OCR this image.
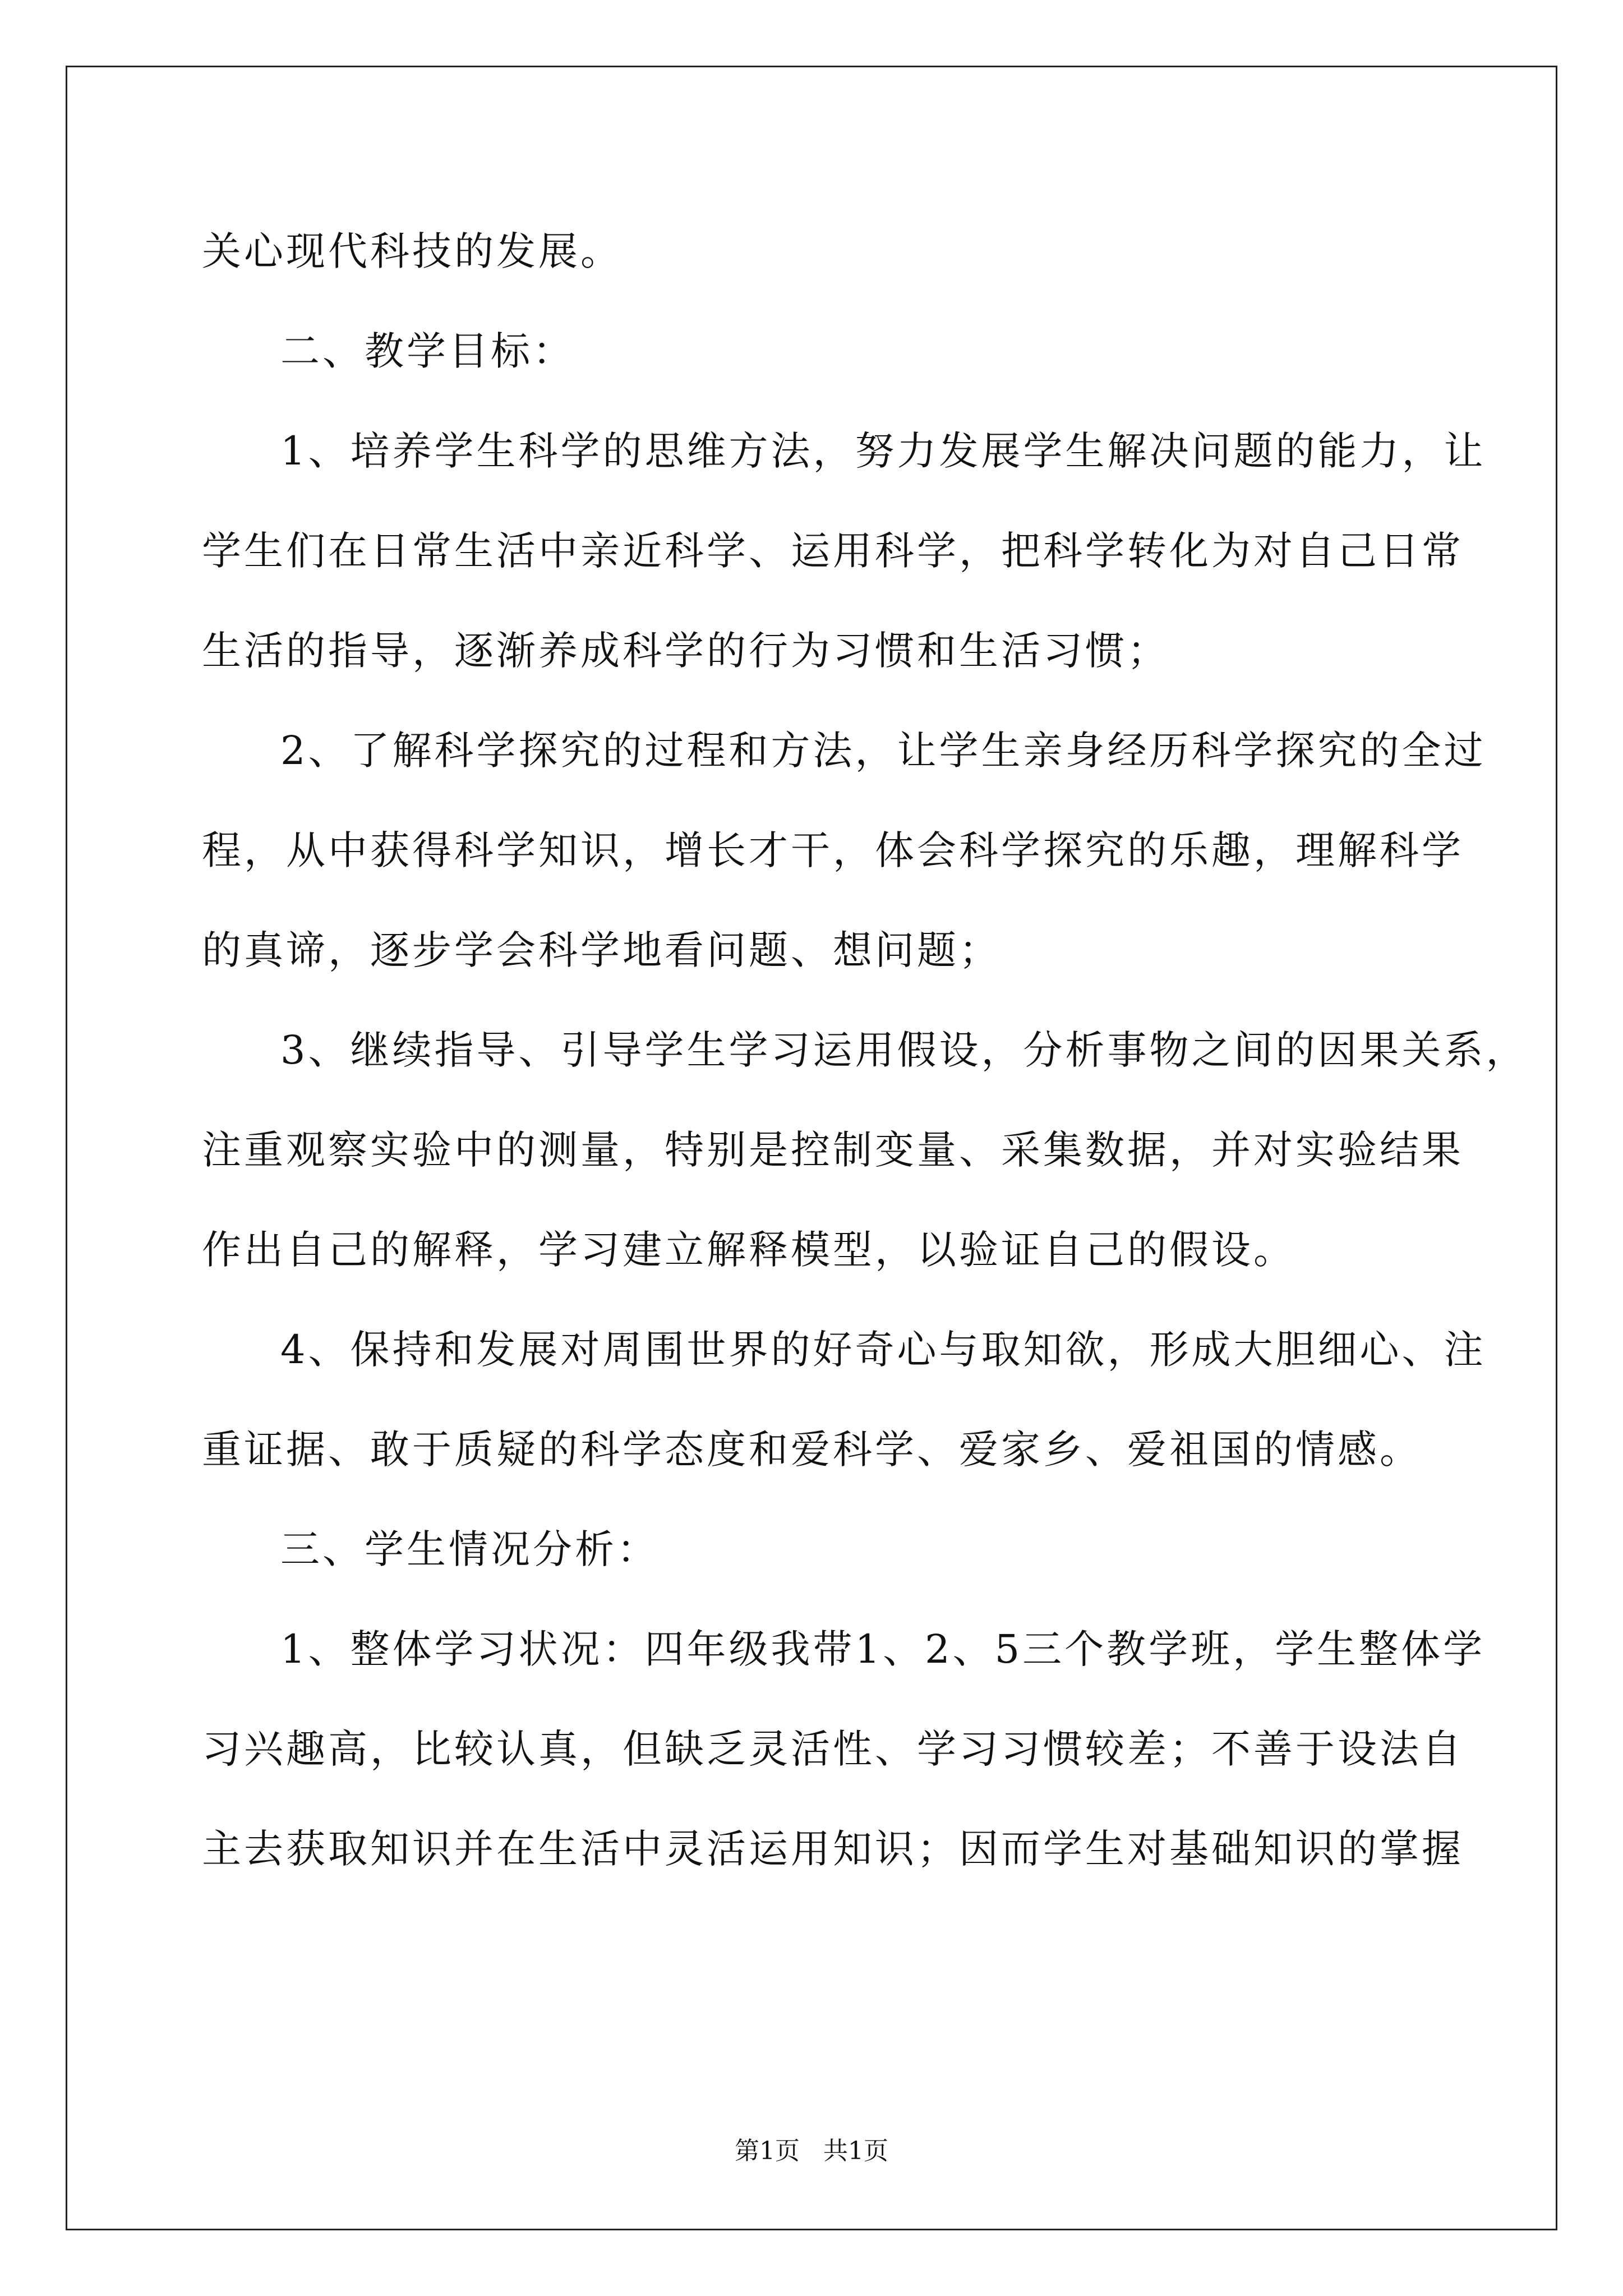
关心现代科技的发展。
二、教学目标：
1、培养学生科学的思维方法，努力发展学生解决问题的能力，让
学生们在日常生活中亲近科学、运用科学，把科学转化为对自己日常
生活的指导，逐渐养成科学的行为习惯和生活习惯；
2、了解科学探究的过程和方法，让学生亲身经历科学探究的全过
程，从中获得科学知识，增长才干，体会科学探究的乐趣，理解科学
的真谛，逐步学会科学地看问题、想问题；
3、继续指导、引导学生学习运用假设，分析事物之间的因果关系，
注重观察实验中的测量，特别是控制变量、采集数据，并对实验结果
作出自己的解释，学习建立解释模型，以验证自己的假设。
4、保持和发展对周围世界的好奇心与取知欲，形成大胆细心、注
重证据、敢于质疑的科学态度和爱科学、爱家乡、爱祖国的情感。
三、学生情况分析：
1、整体学习状况：四年级我带1、2、5三个教学班，学生整体学
习兴趣高，比较认真，但缺乏灵活性、学习习惯较差；不善于设法自
主去获取知识并在生活中灵活运用知识；因而学生对基础知识的掌握
第1页   共1页
